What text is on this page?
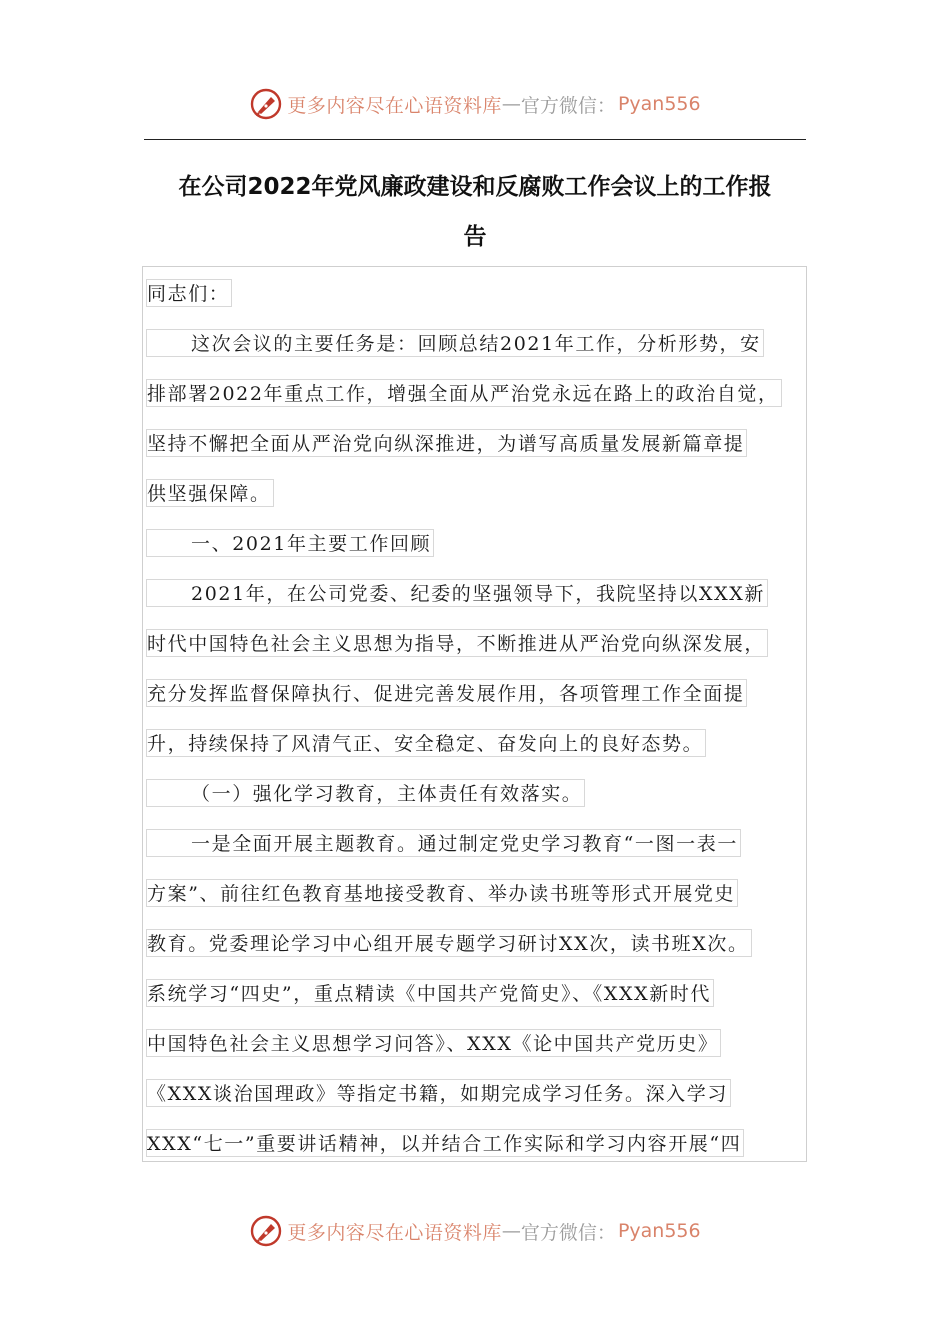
更多内容尽在心语资料库 — 官方微信： Pyan556
在公司2022年党风廉政建设和反腐败工作会议上的工作报
告
同志们：
这次会议的主要任务是：回顾总结2021年工作，分析形势，安
排部署2022年重点工作，增强全面从严治党永远在路上的政治自觉，
坚持不懈把全面从严治党向纵深推进，为谱写高质量发展新篇章提
供坚强保障。
一、2021年主要工作回顾
2021年，在公司党委、纪委的坚强领导下，我院坚持以XXX新
时代中国特色社会主义思想为指导，不断推进从严治党向纵深发展，
充分发挥监督保障执行、促进完善发展作用，各项管理工作全面提
升，持续保持了风清气正、安全稳定、奋发向上的良好态势。
（一）强化学习教育，主体责任有效落实。
一是全面开展主题教育。通过制定党史学习教育“一图一表一
方案”、前往红色教育基地接受教育、举办读书班等形式开展党史
教育。党委理论学习中心组开展专题学习研讨XX次，读书班X次。
系统学习“四史”，重点精读《中国共产党简史》、《XXX新时代
中国特色社会主义思想学习问答》、XXX《论中国共产党历史》
《XXX谈治国理政》等指定书籍，如期完成学习任务。深入学习
XXX“七一”重要讲话精神，以并结合工作实际和学习内容开展“四
更多内容尽在心语资料库 — 官方微信： Pyan556
